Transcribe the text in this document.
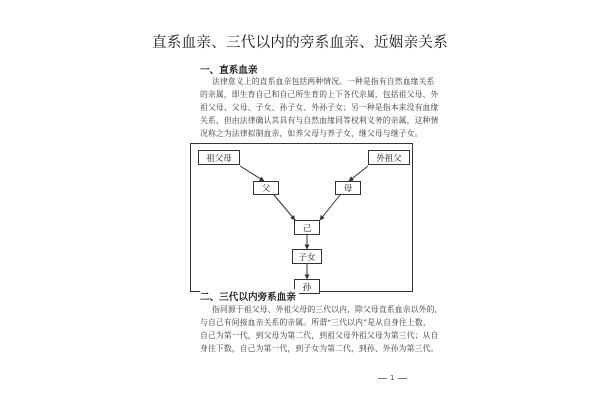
直系血亲、三代以内的旁系血亲、近姻亲关系
一、直系血亲
法律意义上的直系血亲包括两种情况。一种是指有自然血缘关系
的亲属，即生育自己和自己所生育的上下各代亲属，包括祖父母、外
祖父母、父母、子女、孙子女、外孙子女；另一种是指本来没有血缘
关系，但由法律确认其具有与自然血缘同等权利义务的亲属，这种情
况称之为法律拟制血亲，如养父母与养子女，继父母与继子女。
祖父母	外祖父
父	母
己
子女
孙
二、三代以内旁系血亲
指同源于祖父母、外祖父母的三代以内，除父母直系血亲以外的，
与自己有间接血亲关系的亲属。所谓“三代以内”是从自身往上数，
自己为第一代，到父母为第二代，到祖父母外祖父母为第三代；从自
身往下数，自己为第一代，到子女为第二代，到孙、外孙为第三代。
1
